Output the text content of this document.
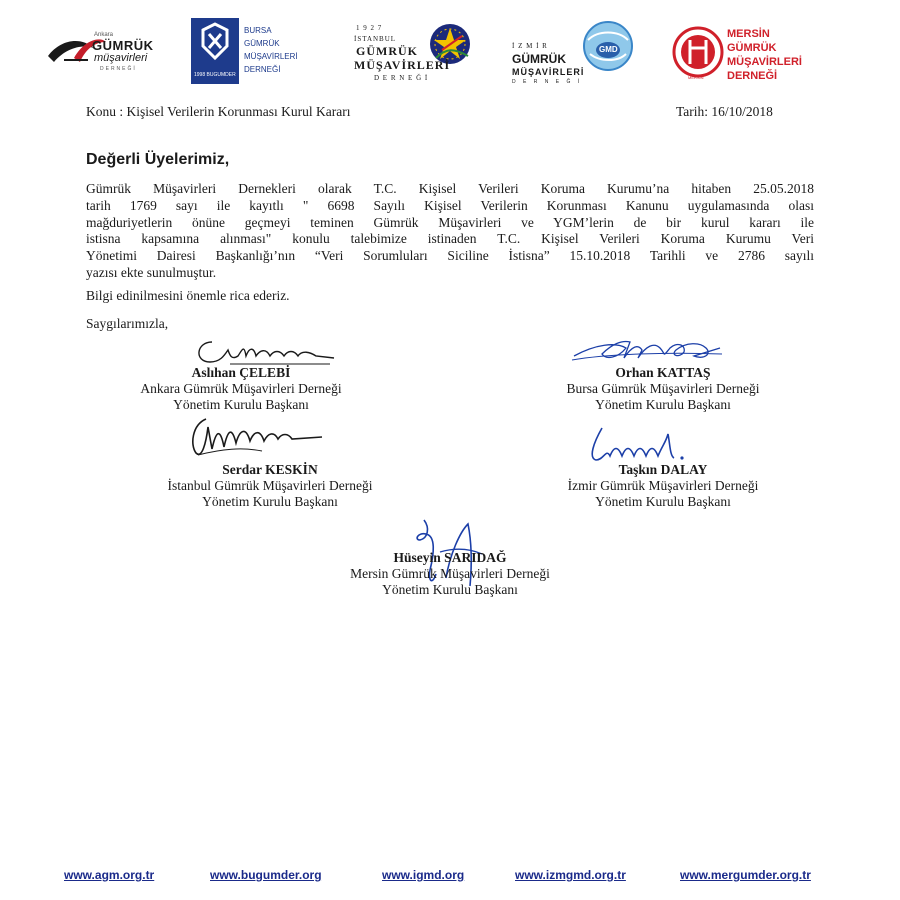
Ankara
GÜMRÜK
müşavirleri
DERNEĞİ
1998 BUGUMDER
BURSA
GÜMRÜK
MÜŞAVİRLERİ
DERNEĞİ
1 9 2 7
İSTANBUL
GÜMRÜK
MÜŞAVİRLERİ
D E R N E Ğ İ
GMD
İ Z M İ R
GÜMRÜK
MÜŞAVİRLERİ
D E R N E Ğ İ
MERSİN
MERSİN
GÜMRÜK
MÜŞAVİRLERİ
DERNEĞİ
Konu : Kişisel Verilerin Korunması Kurul Kararı	Tarih: 16/10/2018
Değerli Üyelerimiz,
Gümrük Müşavirleri Dernekleri olarak T.C. Kişisel Verileri Koruma Kurumu’na hitaben 25.05.2018
tarih 1769 sayı ile kayıtlı " 6698 Sayılı Kişisel Verilerin Korunması Kanunu uygulamasında olası
mağduriyetlerin önüne geçmeyi teminen Gümrük Müşavirleri ve YGM’lerin de bir kurul kararı ile
istisna kapsamına alınması" konulu talebimize istinaden T.C. Kişisel Verileri Koruma Kurumu Veri
Yönetimi Dairesi Başkanlığı’nın “Veri Sorumluları Siciline İstisna” 15.10.2018 Tarihli ve 2786 sayılı
yazısı ekte sunulmuştur.
Bilgi edinilmesini önemle rica ederiz.
Saygılarımızla,
Aslıhan ÇELEBİ
Ankara Gümrük Müşavirleri Derneği
Yönetim Kurulu Başkanı
Orhan KATTAŞ
Bursa Gümrük Müşavirleri Derneği
Yönetim Kurulu Başkanı
Serdar KESKİN
İstanbul Gümrük Müşavirleri Derneği
Yönetim Kurulu Başkanı
Taşkın DALAY
İzmir Gümrük Müşavirleri Derneği
Yönetim Kurulu Başkanı
Hüseyin SARIDAĞ
Mersin Gümrük Müşavirleri Derneği
Yönetim Kurulu Başkanı
www.agm.org.tr	www.bugumder.org	www.igmd.org	www.izmgmd.org.tr	www.mergumder.org.tr
